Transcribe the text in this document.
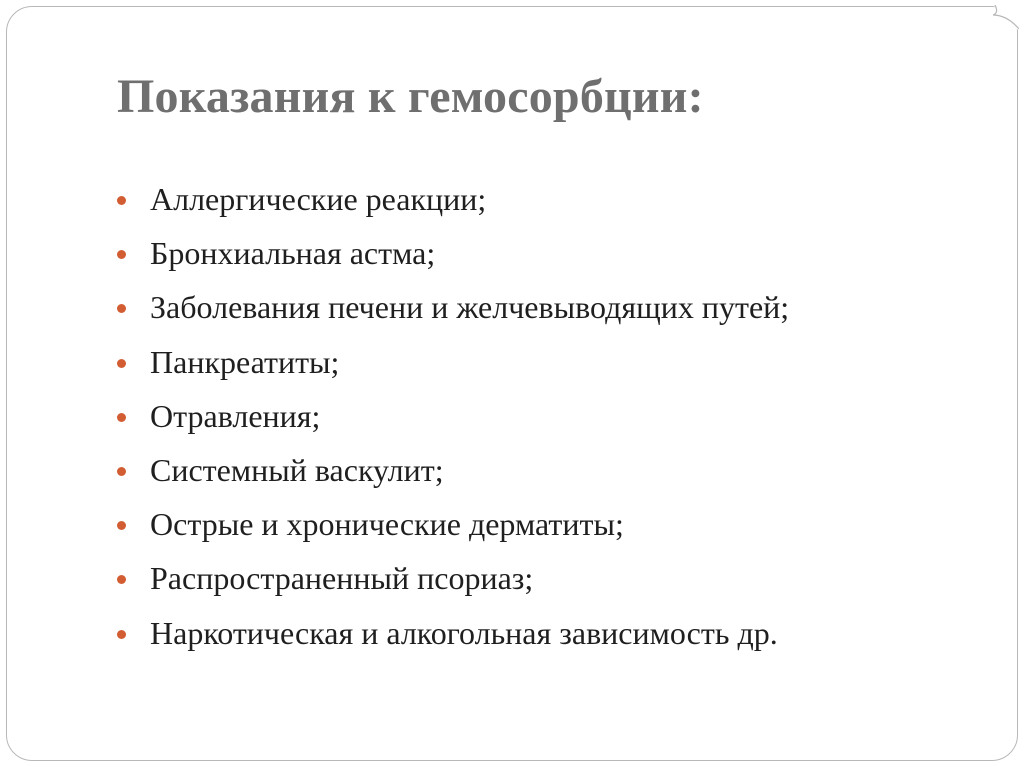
Показания к гемосорбции:
Аллергические реакции;
Бронхиальная астма;
Заболевания печени и желчевыводящих путей;
Панкреатиты;
Отравления;
Системный васкулит;
Острые и хронические дерматиты;
Распространенный псориаз;
Наркотическая и алкогольная зависимость др.
